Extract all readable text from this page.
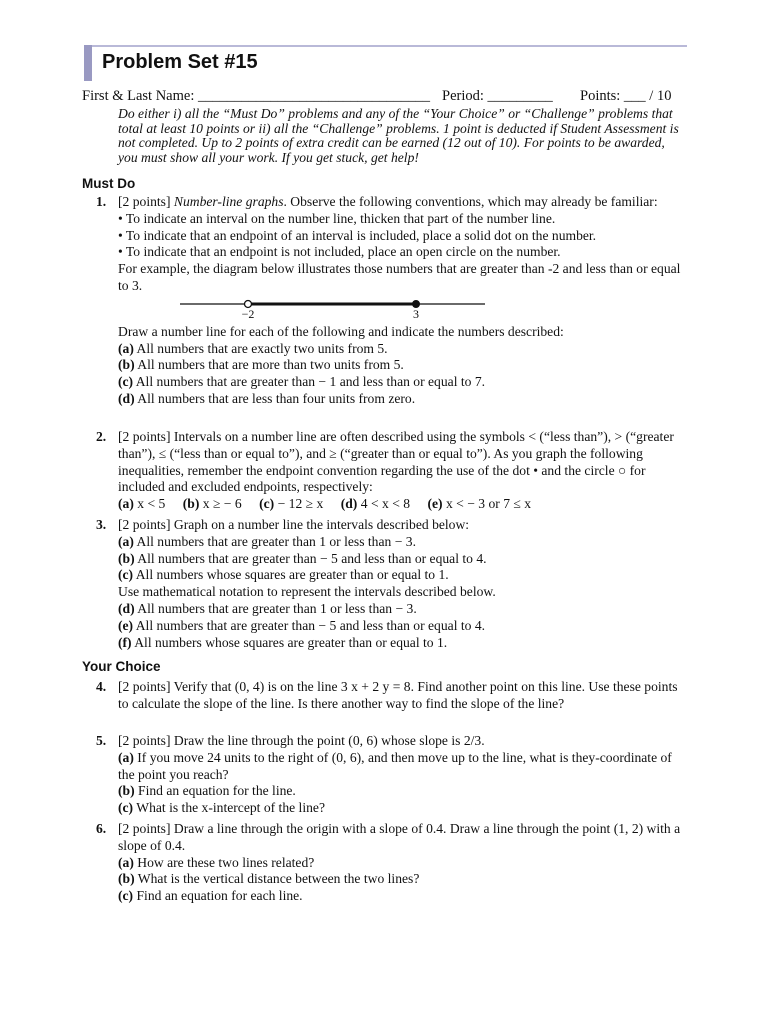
Problem Set #15
First & Last Name: ________________________________ Period: _________ Points: ___ / 10
Do either i) all the “Must Do” problems and any of the “Your Choice” or “Challenge” problems that total at least 10 points or ii) all the “Challenge” problems. 1 point is deducted if Student Assessment is not completed. Up to 2 points of extra credit can be earned (12 out of 10). For points to be awarded, you must show all your work. If you get stuck, get help!
Must Do
1. [2 points] Number-line graphs. Observe the following conventions, which may already be familiar:

• To indicate an interval on the number line, thicken that part of the number line.

• To indicate that an endpoint of an interval is included, place a solid dot on the number.

• To indicate that an endpoint is not included, place an open circle on the number.

For example, the diagram below illustrates those numbers that are greater than -2 and less than or equal to 3.

−2	3

Draw a number line for each of the following and indicate the numbers described:

(a) All numbers that are exactly two units from 5.

(b) All numbers that are more than two units from 5.

(c) All numbers that are greater than − 1 and less than or equal to 7.

(d) All numbers that are less than four units from zero.

2. [2 points] Intervals on a number line are often described using the symbols < (“less than”), > (“greater than”), ≤ (“less than or equal to”), and ≥ (“greater than or equal to”). As you graph the following inequalities, remember the endpoint convention regarding the use of the dot • and the circle ○ for included and excluded endpoints, respectively:

(a) x < 5 (b) x ≥ − 6 (c) − 12 ≥ x (d) 4 < x < 8 (e) x < − 3 or 7 ≤ x

3. [2 points] Graph on a number line the intervals described below:

(a) All numbers that are greater than 1 or less than − 3.

(b) All numbers that are greater than − 5 and less than or equal to 4.

(c) All numbers whose squares are greater than or equal to 1.

Use mathematical notation to represent the intervals described below.

(d) All numbers that are greater than 1 or less than − 3.

(e) All numbers that are greater than − 5 and less than or equal to 4.

(f) All numbers whose squares are greater than or equal to 1.

Your Choice
4. [2 points] Verify that (0, 4) is on the line 3 x + 2 y = 8. Find another point on this line. Use these points to calculate the slope of the line. Is there another way to find the slope of the line?

5. [2 points] Draw the line through the point (0, 6) whose slope is 2/3.

(a) If you move 24 units to the right of (0, 6), and then move up to the line, what is they-coordinate of the point you reach?

(b) Find an equation for the line.

(c) What is the x-intercept of the line?

6. [2 points] Draw a line through the origin with a slope of 0.4. Draw a line through the point (1, 2) with a slope of 0.4.

(a) How are these two lines related?

(b) What is the vertical distance between the two lines?

(c) Find an equation for each line.
